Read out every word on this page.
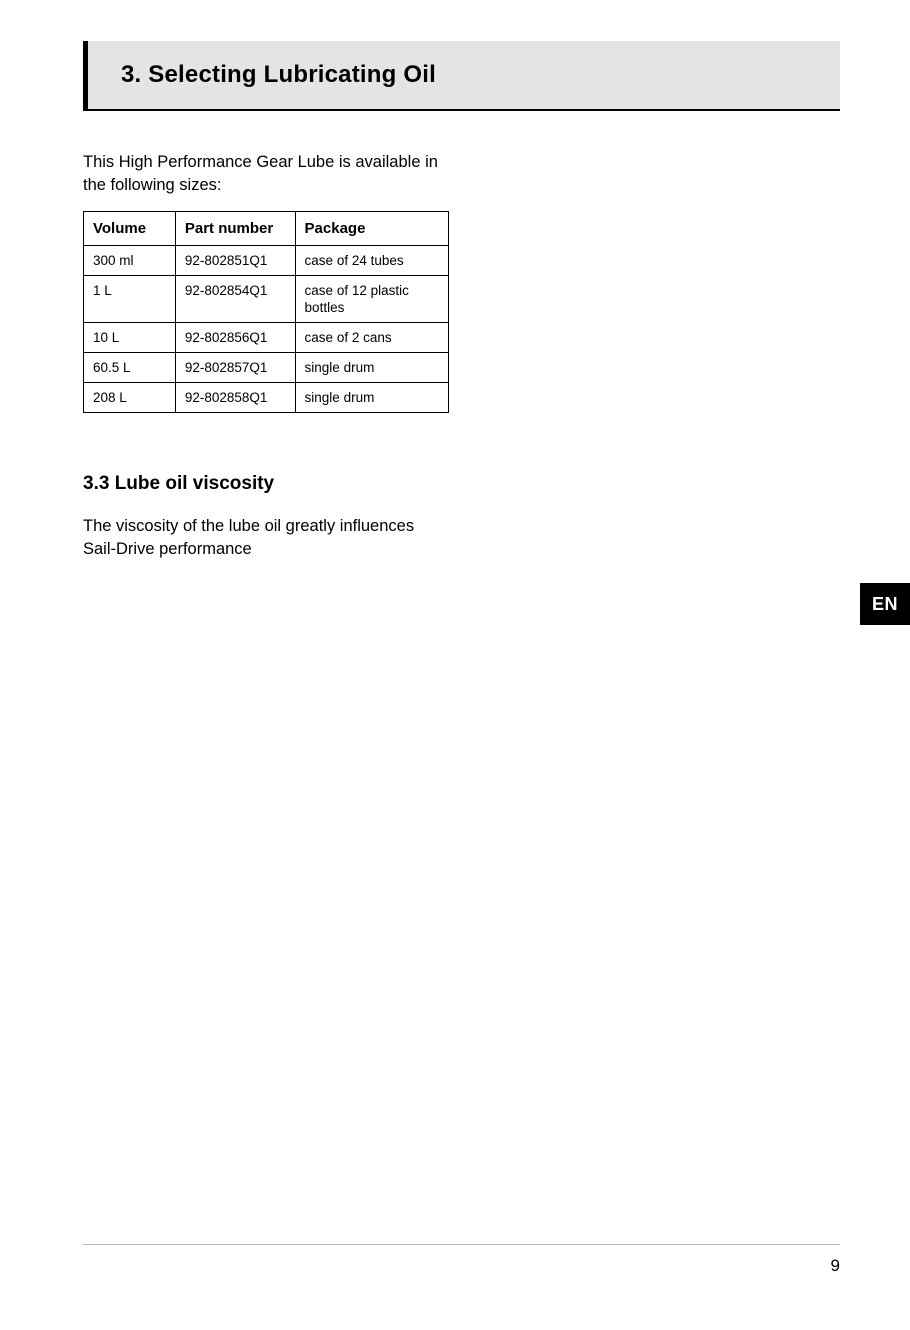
3. Selecting Lubricating Oil

This High Performance Gear Lube is available in the following sizes:

Volume	Part number	Package
300 ml	92-802851Q1	case of 24 tubes
1 L	92-802854Q1	case of 12 plastic bottles
10 L	92-802856Q1	case of 2 cans
60.5 L	92-802857Q1	single drum
208 L	92-802858Q1	single drum
3.3 Lube oil viscosity

The viscosity of the lube oil greatly influences Sail-Drive performance

EN
9
